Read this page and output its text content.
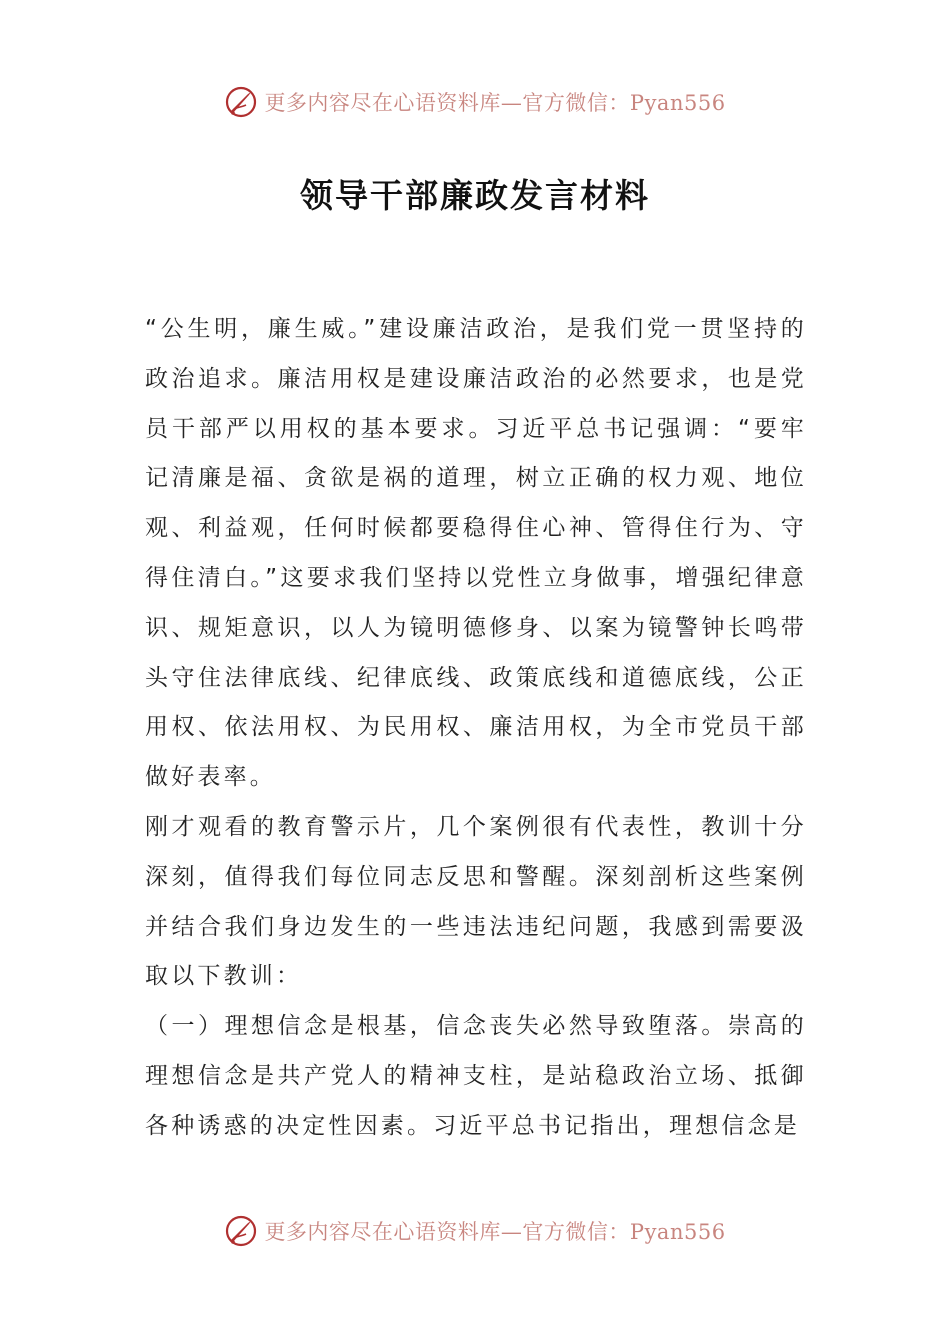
更多内容尽在心语资料库—官方微信：Pyan556
领导干部廉政发言材料

“公生明，廉生威。”建设廉洁政治，是我们党一贯坚持的政治追求。廉洁用权是建设廉洁政治的必然要求，也是党员干部严以用权的基本要求。习近平总书记强调：“要牢记清廉是福、贪欲是祸的道理，树立正确的权力观、地位观、利益观，任何时候都要稳得住心神、管得住行为、守得住清白。”这要求我们坚持以党性立身做事，增强纪律意识、规矩意识，以人为镜明德修身、以案为镜警钟长鸣带头守住法律底线、纪律底线、政策底线和道德底线，公正用权、依法用权、为民用权、廉洁用权，为全市党员干部做好表率。

刚才观看的教育警示片，几个案例很有代表性，教训十分深刻，值得我们每位同志反思和警醒。深刻剖析这些案例并结合我们身边发生的一些违法违纪问题，我感到需要汲取以下教训：

（一）理想信念是根基，信念丧失必然导致堕落。崇高的理想信念是共产党人的精神支柱，是站稳政治立场、抵御各种诱惑的决定性因素。习近平总书记指出，理想信念是

更多内容尽在心语资料库—官方微信：Pyan556
